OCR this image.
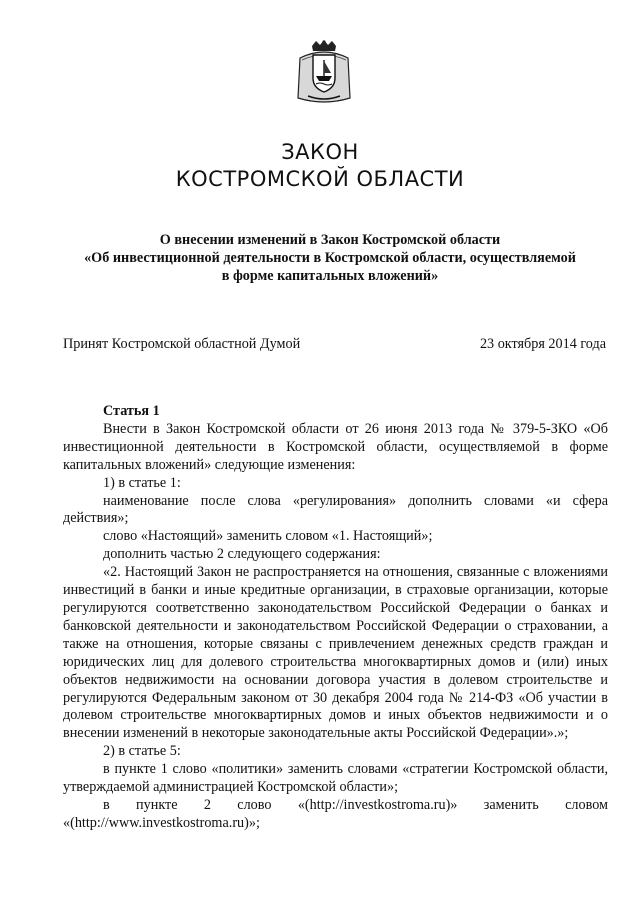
ЗАКОН
КОСТРОМСКОЙ ОБЛАСТИ
О внесении изменений в Закон Костромской области
«Об инвестиционной деятельности в Костромской области, осуществляемой
в форме капитальных вложений»
Принят Костромской областной Думой	23 октября 2014 года

Статья 1

Внести в Закон Костромской области от 26 июня 2013 года № 379-5-ЗКО «Об инвестиционной деятельности в Костромской области, осуществляемой в форме капитальных вложений» следующие изменения:

1) в статье 1:

наименование после слова «регулирования» дополнить словами «и сфера действия»;

слово «Настоящий» заменить словом «1. Настоящий»;

дополнить частью 2 следующего содержания:

«2. Настоящий Закон не распространяется на отношения, связанные с вложениями инвестиций в банки и иные кредитные организации, в страховые организации, которые регулируются соответственно законодательством Российской Федерации о банках и банковской деятельности и законодательством Российской Федерации о страховании, а также на отношения, которые связаны с привлечением денежных средств граждан и юридических лиц для долевого строительства многоквартирных домов и (или) иных объектов недвижимости на основании договора участия в долевом строительстве и регулируются Федеральным законом от 30 декабря 2004 года № 214-ФЗ «Об участии в долевом строительстве многоквартирных домов и иных объектов недвижимости и о внесении изменений в некоторые законодательные акты Российской Федерации».»;

2) в статье 5:

в пункте 1 слово «политики» заменить словами «стратегии Костромской области, утверждаемой администрацией Костромской области»;

в пункте 2 слово «(http://investkostroma.ru)» заменить словом «(http://www.investkostroma.ru)»;
